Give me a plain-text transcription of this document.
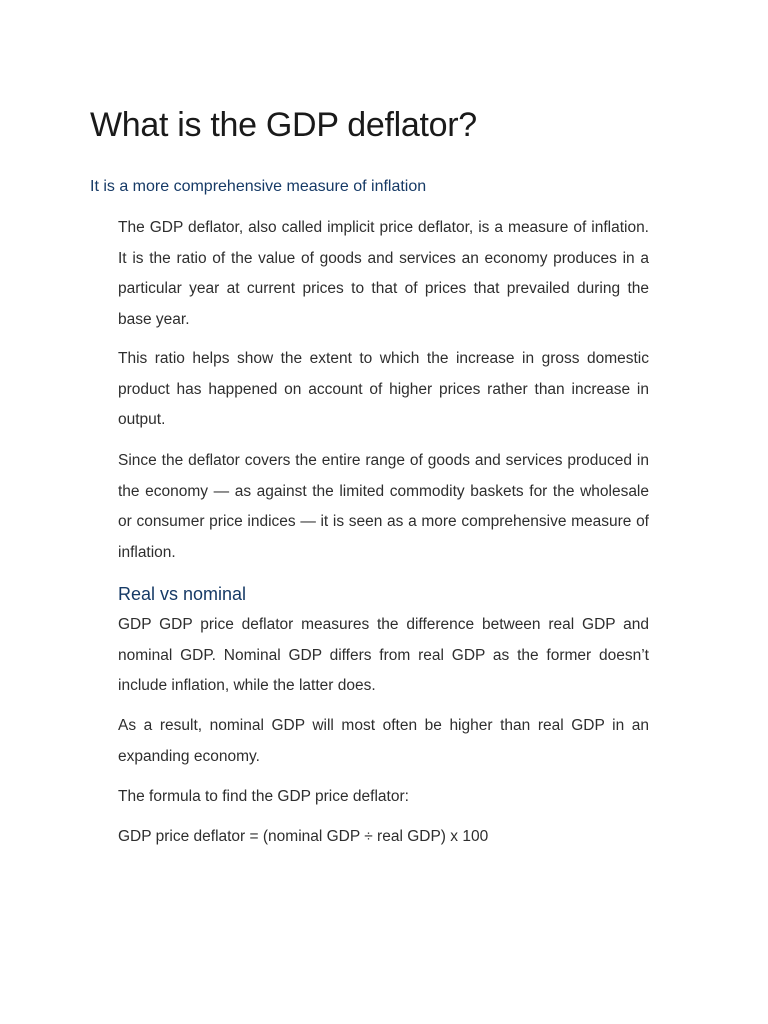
What is the GDP deflator?
It is a more comprehensive measure of inflation

The GDP deflator, also called implicit price deflator, is a measure of inflation. It is the ratio of the value of goods and services an economy produces in a particular year at current prices to that of prices that prevailed during the base year.

This ratio helps show the extent to which the increase in gross domestic product has happened on account of higher prices rather than increase in output.

Since the deflator covers the entire range of goods and services produced in the economy — as against the limited commodity baskets for the wholesale or consumer price indices — it is seen as a more comprehensive measure of inflation.

Real vs nominal

GDP GDP price deflator measures the difference between real GDP and nominal GDP. Nominal GDP differs from real GDP as the former doesn’t include inflation, while the latter does.

As a result, nominal GDP will most often be higher than real GDP in an expanding economy.

The formula to find the GDP price deflator:

GDP price deflator = (nominal GDP ÷ real GDP) x 100
